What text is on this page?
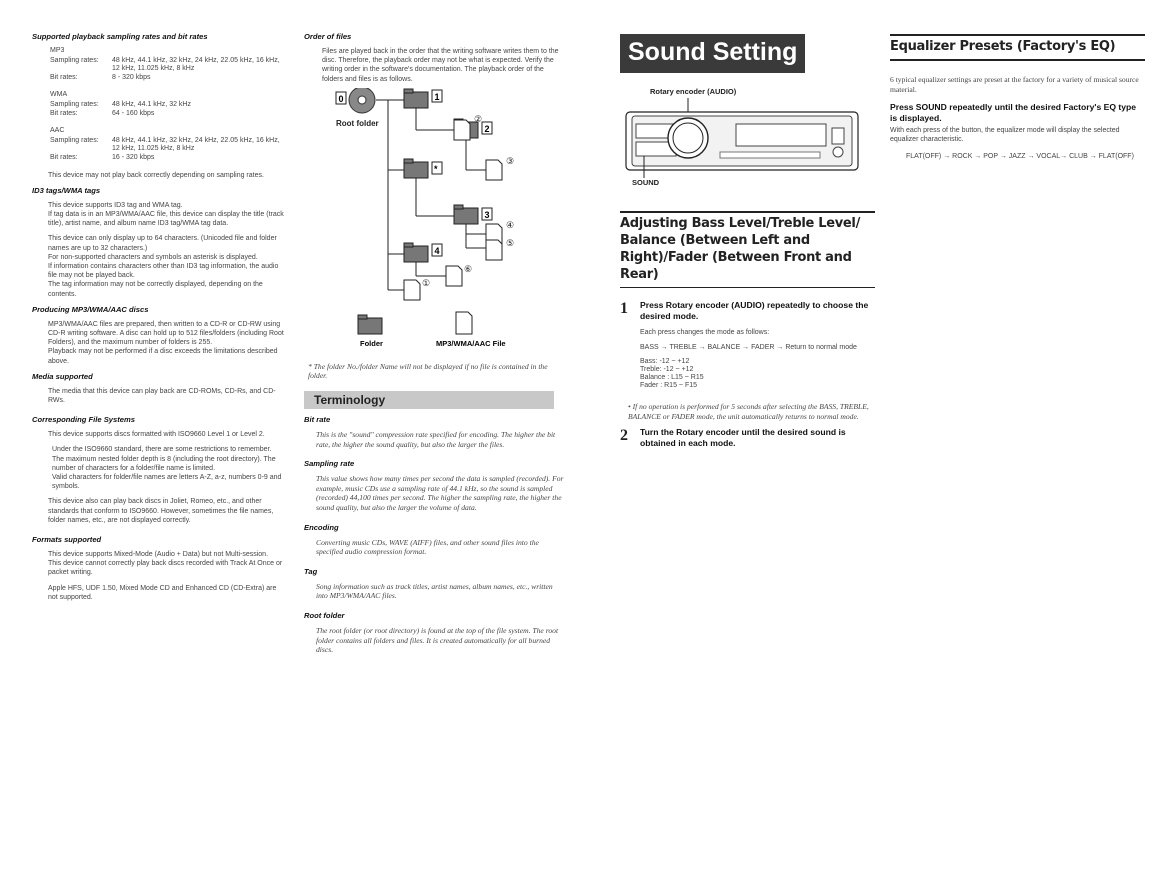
Supported playback sampling rates and bit rates
MP3
Sampling rates:	48 kHz, 44.1 kHz, 32 kHz, 24 kHz, 22.05 kHz, 16 kHz, 12 kHz, 11.025 kHz, 8 kHz
Bit rates:	8 - 320 kbps
WMA
Sampling rates:	48 kHz, 44.1 kHz, 32 kHz
Bit rates:	64 - 160 kbps
AAC
Sampling rates:	48 kHz, 44.1 kHz, 32 kHz, 24 kHz, 22.05 kHz, 16 kHz, 12 kHz, 11.025 kHz, 8 kHz
Bit rates:	16 - 320 kbps

This device may not play back correctly depending on sampling rates.

ID3 tags/WMA tags

This device supports ID3 tag and WMA tag.

If tag data is in an MP3/WMA/AAC file, this device can display the title (track title), artist name, and album name ID3 tag/WMA tag data.

This device can only display up to 64 characters. (Unicoded file and folder names are up to 32 characters.)

For non-supported characters and symbols an asterisk is displayed.

If information contains characters other than ID3 tag information, the audio file may not be played back.

The tag information may not be correctly displayed, depending on the contents.

Producing MP3/WMA/AAC discs

MP3/WMA/AAC files are prepared, then written to a CD-R or CD-RW using CD-R writing software. A disc can hold up to 512 files/folders (including Root Folders), and the maximum number of folders is 255.

Playback may not be performed if a disc exceeds the limitations described above.

Media supported

The media that this device can play back are CD-ROMs, CD-Rs, and CD-RWs.

Corresponding File Systems

This device supports discs formatted with ISO9660 Level 1 or Level 2.

Under the ISO9660 standard, there are some restrictions to remember.

The maximum nested folder depth is 8 (including the root directory). The number of characters for a folder/file name is limited.

Valid characters for folder/file names are letters A-Z, a-z, numbers 0-9 and symbols.

This device also can play back discs in Joliet, Romeo, etc., and other standards that conform to ISO9660. However, sometimes the file names, folder names, etc., are not displayed correctly.

Formats supported

This device supports Mixed-Mode (Audio + Data) but not Multi-session.

This device cannot correctly play back discs recorded with Track At Once or packet writing.

Apple HFS, UDF 1.50, Mixed Mode CD and Enhanced CD (CD-Extra) are not supported.

Order of files

Files are played back in the order that the writing software writes them to the disc. Therefore, the playback order may not be what is expected. Verify the writing order in the software's documentation. The playback order of the folders and files is as follows.

0
Root folder
1
2
*
3
4
②
③
④
⑤
⑥
①
Folder	MP3/WMA/AAC File
* The folder No./folder Name will not be displayed if no file is contained in the folder.
Terminology
Bit rate
This is the "sound" compression rate specified for encoding. The higher the bit rate, the higher the sound quality, but also the larger the files.
Sampling rate
This value shows how many times per second the data is sampled (recorded). For example, music CDs use a sampling rate of 44.1 kHz, so the sound is sampled (recorded) 44,100 times per second. The higher the sampling rate, the higher the sound quality, but also the larger the volume of data.
Encoding
Converting music CDs, WAVE (AIFF) files, and other sound files into the specified audio compression format.
Tag
Song information such as track titles, artist names, album names, etc., written into MP3/WMA/AAC files.
Root folder
The root folder (or root directory) is found at the top of the file system. The root folder contains all folders and files. It is created automatically for all burned discs.
Sound Setting
Rotary encoder (AUDIO)
SOUND
Adjusting Bass Level/Treble Level/ Balance (Between Left and Right)/Fader (Between Front and Rear)
1	Press Rotary encoder (AUDIO) repeatedly to choose the desired mode.
Each press changes the mode as follows:
BASS → TREBLE → BALANCE → FADER → Return to normal mode
Bass: -12 ~ +12
Treble: -12 ~ +12
Balance : L15 ~ R15
Fader : R15 ~ F15
• If no operation is performed for 5 seconds after selecting the BASS, TREBLE, BALANCE or FADER mode, the unit automatically returns to normal mode.
2	Turn the Rotary encoder until the desired sound is obtained in each mode.
Equalizer Presets (Factory's EQ)
6 typical equalizer settings are preset at the factory for a variety of musical source material.
Press SOUND repeatedly until the desired Factory's EQ type is displayed.
With each press of the button, the equalizer mode will display the selected equalizer characteristic.
FLAT(OFF) → ROCK → POP → JAZZ → VOCAL→ CLUB → FLAT(OFF)
